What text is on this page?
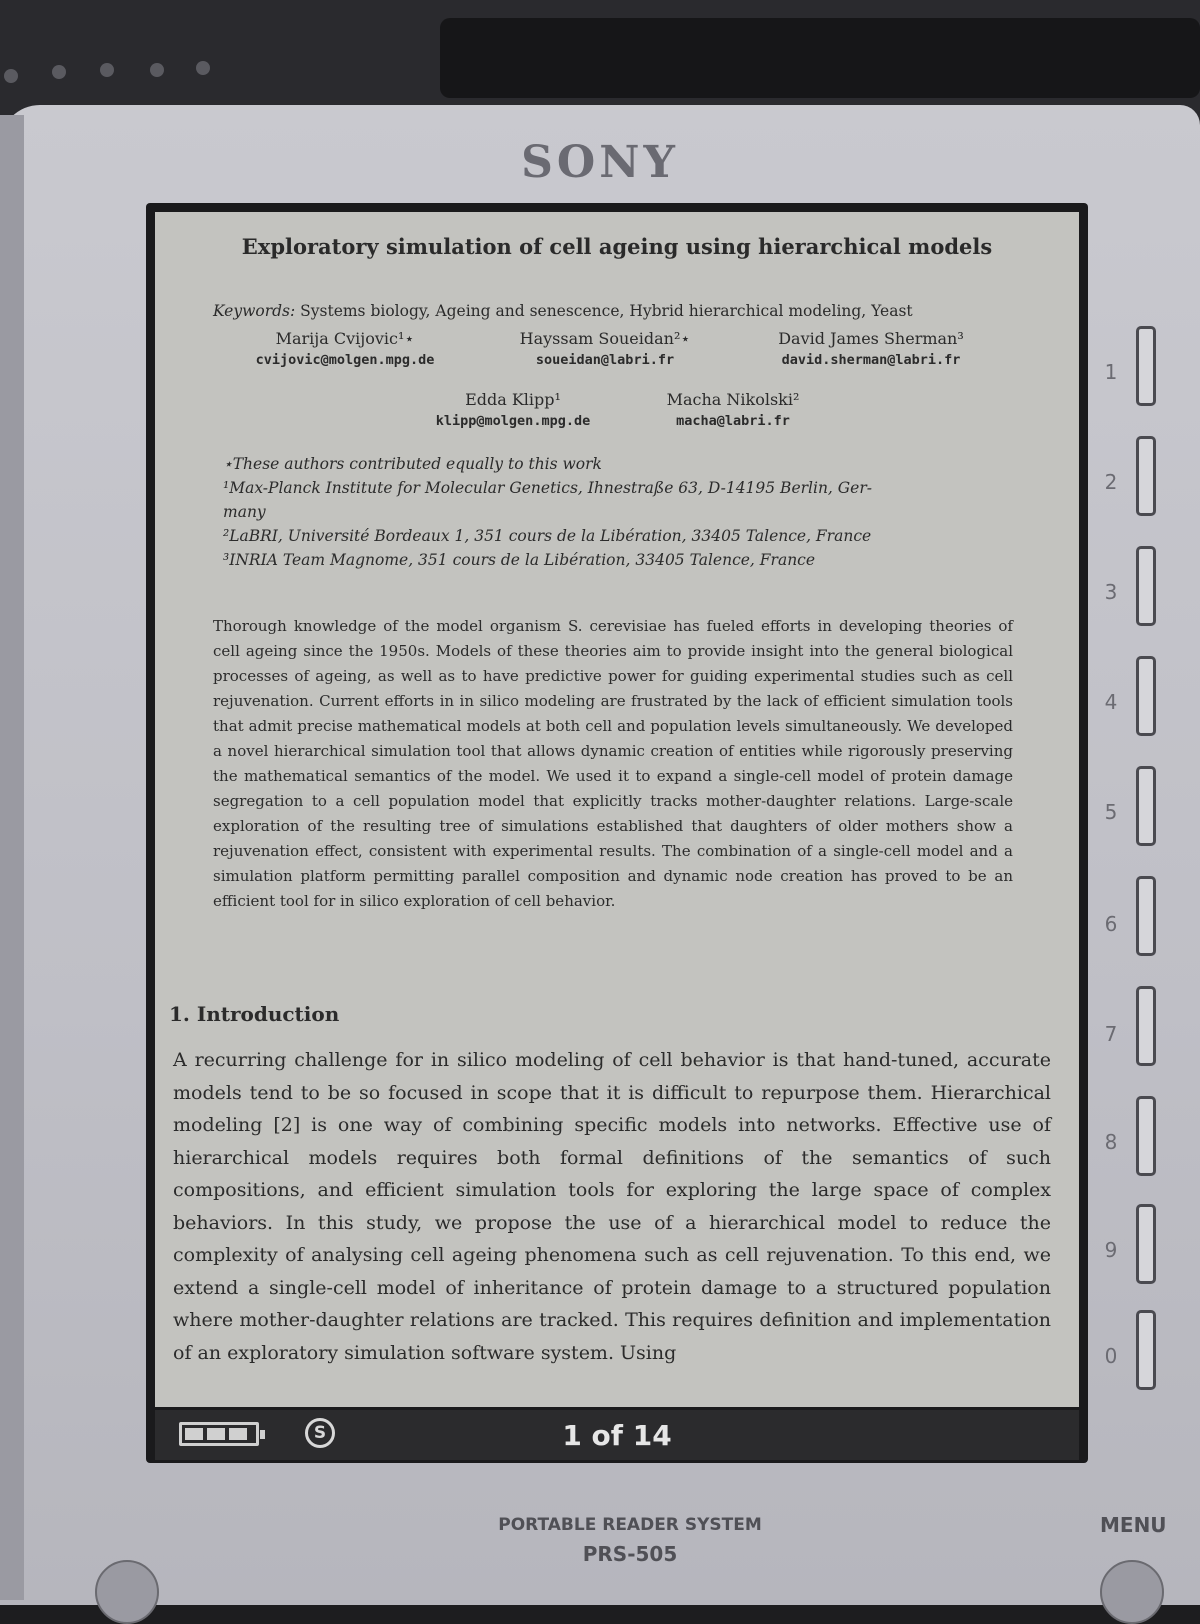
SONY
Exploratory simulation of cell ageing using hierarchical models
Keywords: Systems biology, Ageing and senescence, Hybrid hierarchical modeling, Yeast
Marija Cvijovic¹⋆
cvijovic@molgen.mpg.de
Hayssam Soueidan²⋆
soueidan@labri.fr
David James Sherman³
david.sherman@labri.fr
Edda Klipp¹
klipp@molgen.mpg.de
Macha Nikolski²
macha@labri.fr
⋆These authors contributed equally to this work
¹Max-Planck Institute for Molecular Genetics, Ihnestraße 63, D-14195 Berlin, Ger-
many
²LaBRI, Université Bordeaux 1, 351 cours de la Libération, 33405 Talence, France
³INRIA Team Magnome, 351 cours de la Libération, 33405 Talence, France
Thorough knowledge of the model organism S. cerevisiae has fueled efforts in developing theories of cell ageing since the 1950s. Models of these theories aim to provide insight into the general biological processes of ageing, as well as to have predictive power for guiding experimental studies such as cell rejuvenation. Current efforts in in silico modeling are frustrated by the lack of efficient simulation tools that admit precise mathematical models at both cell and population levels simultaneously. We developed a novel hierarchical simulation tool that allows dynamic creation of entities while rigorously preserving the mathematical semantics of the model. We used it to expand a single-cell model of protein damage segregation to a cell population model that explicitly tracks mother-daughter relations. Large-scale exploration of the resulting tree of simulations established that daughters of older mothers show a rejuvenation effect, consistent with experimental results. The combination of a single-cell model and a simulation platform permitting parallel composition and dynamic node creation has proved to be an efficient tool for in silico exploration of cell behavior.
1. Introduction
A recurring challenge for in silico modeling of cell behavior is that hand-tuned, accurate models tend to be so focused in scope that it is difficult to repurpose them. Hierarchical modeling [2] is one way of combining specific models into networks. Effective use of hierarchical models requires both formal definitions of the semantics of such compositions, and efficient simulation tools for exploring the large space of complex behaviors. In this study, we propose the use of a hierarchical model to reduce the complexity of analysing cell ageing phenomena such as cell rejuvenation. To this end, we extend a single-cell model of inheritance of protein damage to a structured population where mother-daughter relations are tracked. This requires definition and implementation of an exploratory simulation software system. Using
S	1 of 14
1
2
3
4
5
6
7
8
9
0
PORTABLE READER SYSTEM
PRS-505
MENU
